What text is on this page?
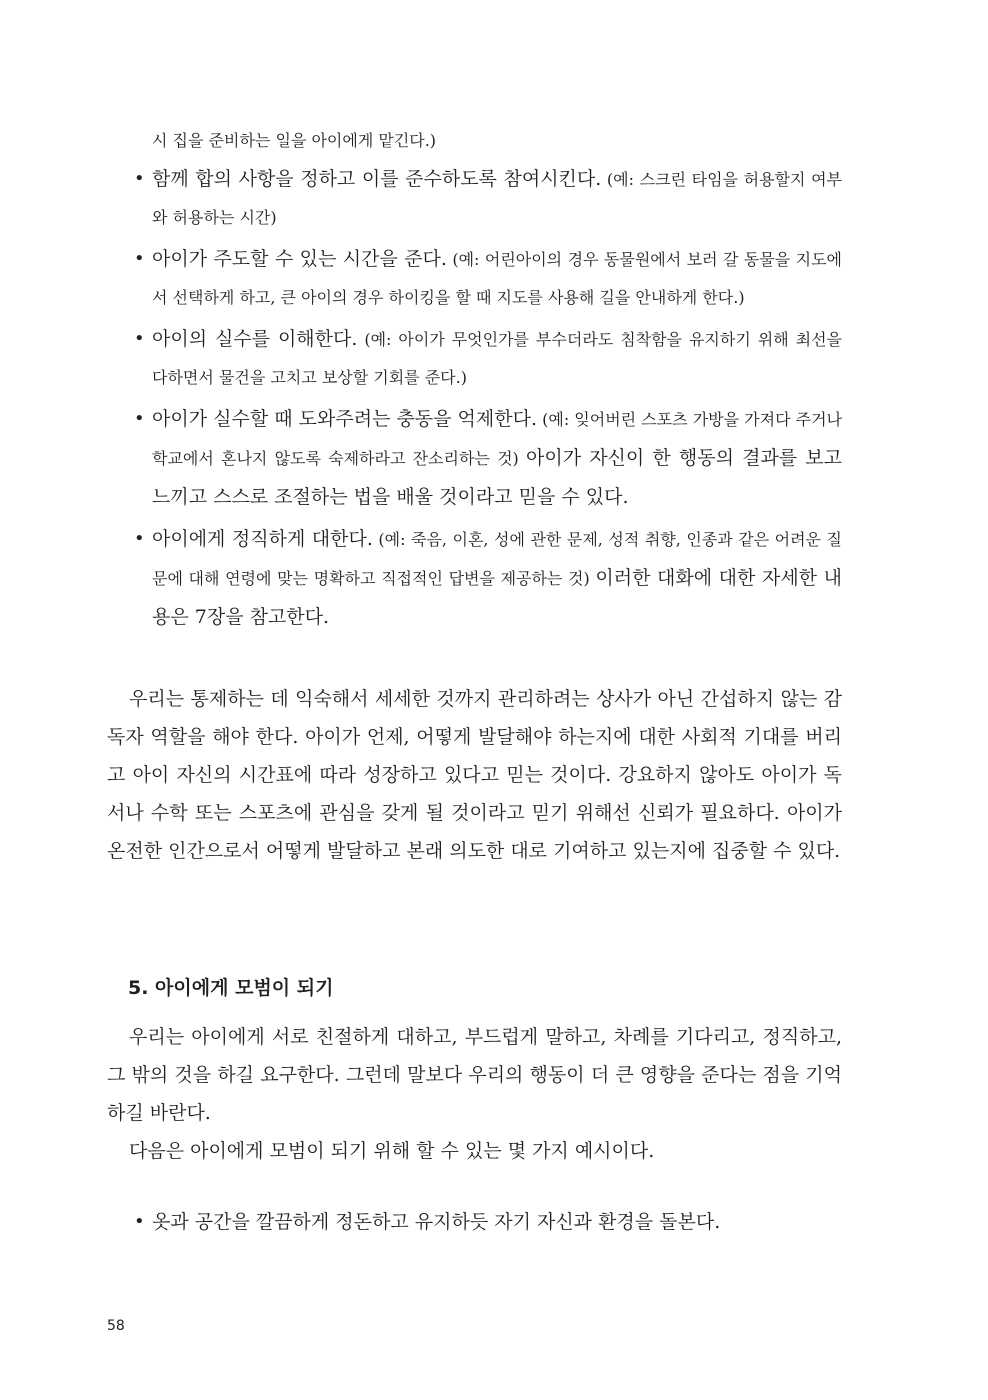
시 집을 준비하는 일을 아이에게 맡긴다.)

• 함께 합의 사항을 정하고 이를 준수하도록 참여시킨다. (예: 스크린 타임을 허용할지 여부와 허용하는 시간)
• 아이가 주도할 수 있는 시간을 준다. (예: 어린아이의 경우 동물원에서 보러 갈 동물을 지도에서 선택하게 하고, 큰 아이의 경우 하이킹을 할 때 지도를 사용해 길을 안내하게 한다.)
• 아이의 실수를 이해한다. (예: 아이가 무엇인가를 부수더라도 침착함을 유지하기 위해 최선을 다하면서 물건을 고치고 보상할 기회를 준다.)
• 아이가 실수할 때 도와주려는 충동을 억제한다. (예: 잊어버린 스포츠 가방을 가져다 주거나 학교에서 혼나지 않도록 숙제하라고 잔소리하는 것) 아이가 자신이 한 행동의 결과를 보고 느끼고 스스로 조절하는 법을 배울 것이라고 믿을 수 있다.
• 아이에게 정직하게 대한다. (예: 죽음, 이혼, 성에 관한 문제, 성적 취향, 인종과 같은 어려운 질문에 대해 연령에 맞는 명확하고 직접적인 답변을 제공하는 것) 이러한 대화에 대한 자세한 내용은 7장을 참고한다.

우리는 통제하는 데 익숙해서 세세한 것까지 관리하려는 상사가 아닌 간섭하지 않는 감독자 역할을 해야 한다. 아이가 언제, 어떻게 발달해야 하는지에 대한 사회적 기대를 버리고 아이 자신의 시간표에 따라 성장하고 있다고 믿는 것이다. 강요하지 않아도 아이가 독서나 수학 또는 스포츠에 관심을 갖게 될 것이라고 믿기 위해선 신뢰가 필요하다. 아이가 온전한 인간으로서 어떻게 발달하고 본래 의도한 대로 기여하고 있는지에 집중할 수 있다.

5. 아이에게 모범이 되기

우리는 아이에게 서로 친절하게 대하고, 부드럽게 말하고, 차례를 기다리고, 정직하고, 그 밖의 것을 하길 요구한다. 그런데 말보다 우리의 행동이 더 큰 영향을 준다는 점을 기억하길 바란다.

다음은 아이에게 모범이 되기 위해 할 수 있는 몇 가지 예시이다.

• 옷과 공간을 깔끔하게 정돈하고 유지하듯 자기 자신과 환경을 돌본다.

58
